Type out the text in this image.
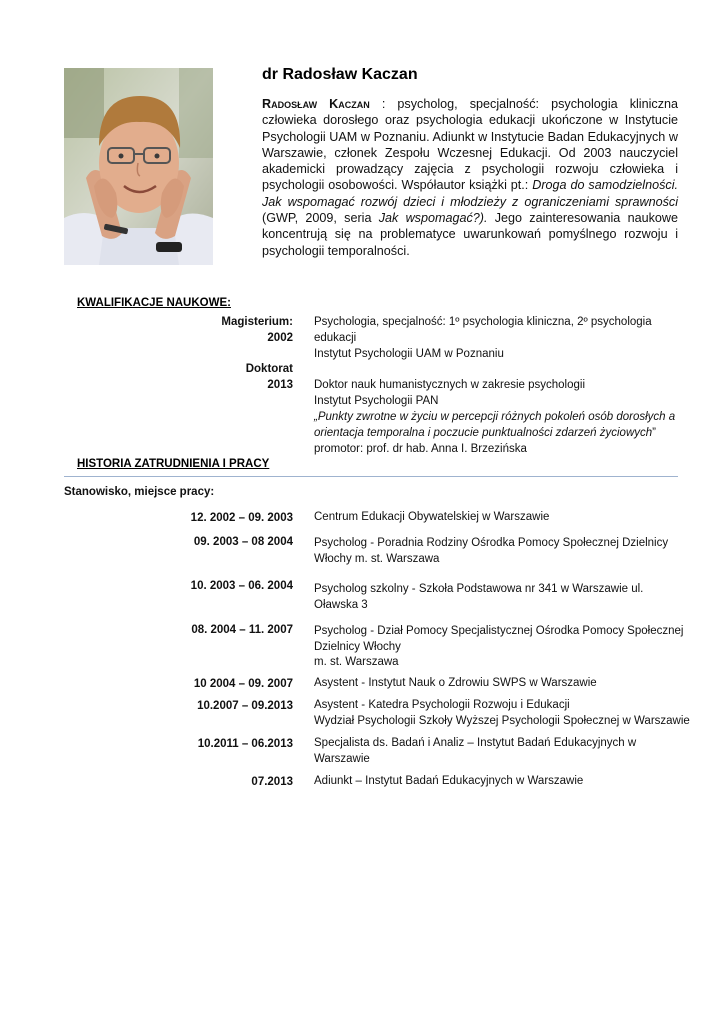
dr Radosław Kaczan

Radosław Kaczan : psycholog, specjalność: psychologia kliniczna człowieka dorosłego oraz psychologia edukacji ukończone w Instytucie Psychologii UAM w Poznaniu. Adiunkt w Instytucie Badan Edukacyjnych w Warszawie, członek Zespołu Wczesnej Edukacji. Od 2003 nauczyciel akademicki prowadzący zajęcia z psychologii rozwoju człowieka i psychologii osobowości. Współautor książki pt.: Droga do samodzielności. Jak wspomagać rozwój dzieci i młodzieży z ograniczeniami sprawności (GWP, 2009, seria Jak wspomagać?). Jego zainteresowania naukowe koncentrują się na problematyce uwarunkowań pomyślnego rozwoju i psychologii temporalności.

KWALIFIKACJE NAUKOWE:
Magisterium:
2002
Psychologia, specjalność: 1º psychologia kliniczna, 2º psychologia
edukacji
Instytut Psychologii UAM w Poznaniu
Doktorat
2013 Doktor nauk humanistycznych w zakresie psychologii
Instytut Psychologii PAN
„Punkty zwrotne w życiu w percepcji różnych pokoleń osób dorosłych a
orientacja temporalna i poczucie punktualności zdarzeń życiowych”
promotor: prof. dr hab. Anna I. Brzezińska
HISTORIA ZATRUDNIENIA I PRACY
Stanowisko, miejsce pracy:
12. 2002 – 09. 2003 Centrum Edukacji Obywatelskiej w Warszawie
09. 2003 – 08 2004 Psycholog - Poradnia Rodziny Ośrodka Pomocy Społecznej Dzielnicy
Włochy m. st. Warszawa
10. 2003 – 06. 2004 Psycholog szkolny - Szkoła Podstawowa nr 341 w Warszawie ul.
Oławska 3
08. 2004 – 11. 2007 Psycholog - Dział Pomocy Specjalistycznej Ośrodka Pomocy Społecznej
Dzielnicy Włochy
m. st. Warszawa
10 2004 – 09. 2007 Asystent - Instytut Nauk o Zdrowiu SWPS w Warszawie
10.2007 – 09.2013 Asystent - Katedra Psychologii Rozwoju i Edukacji
Wydział Psychologii Szkoły Wyższej Psychologii Społecznej w Warszawie
10.2011 – 06.2013 Specjalista ds. Badań i Analiz – Instytut Badań Edukacyjnych w
Warszawie
07.2013 Adiunkt – Instytut Badań Edukacyjnych w Warszawie
